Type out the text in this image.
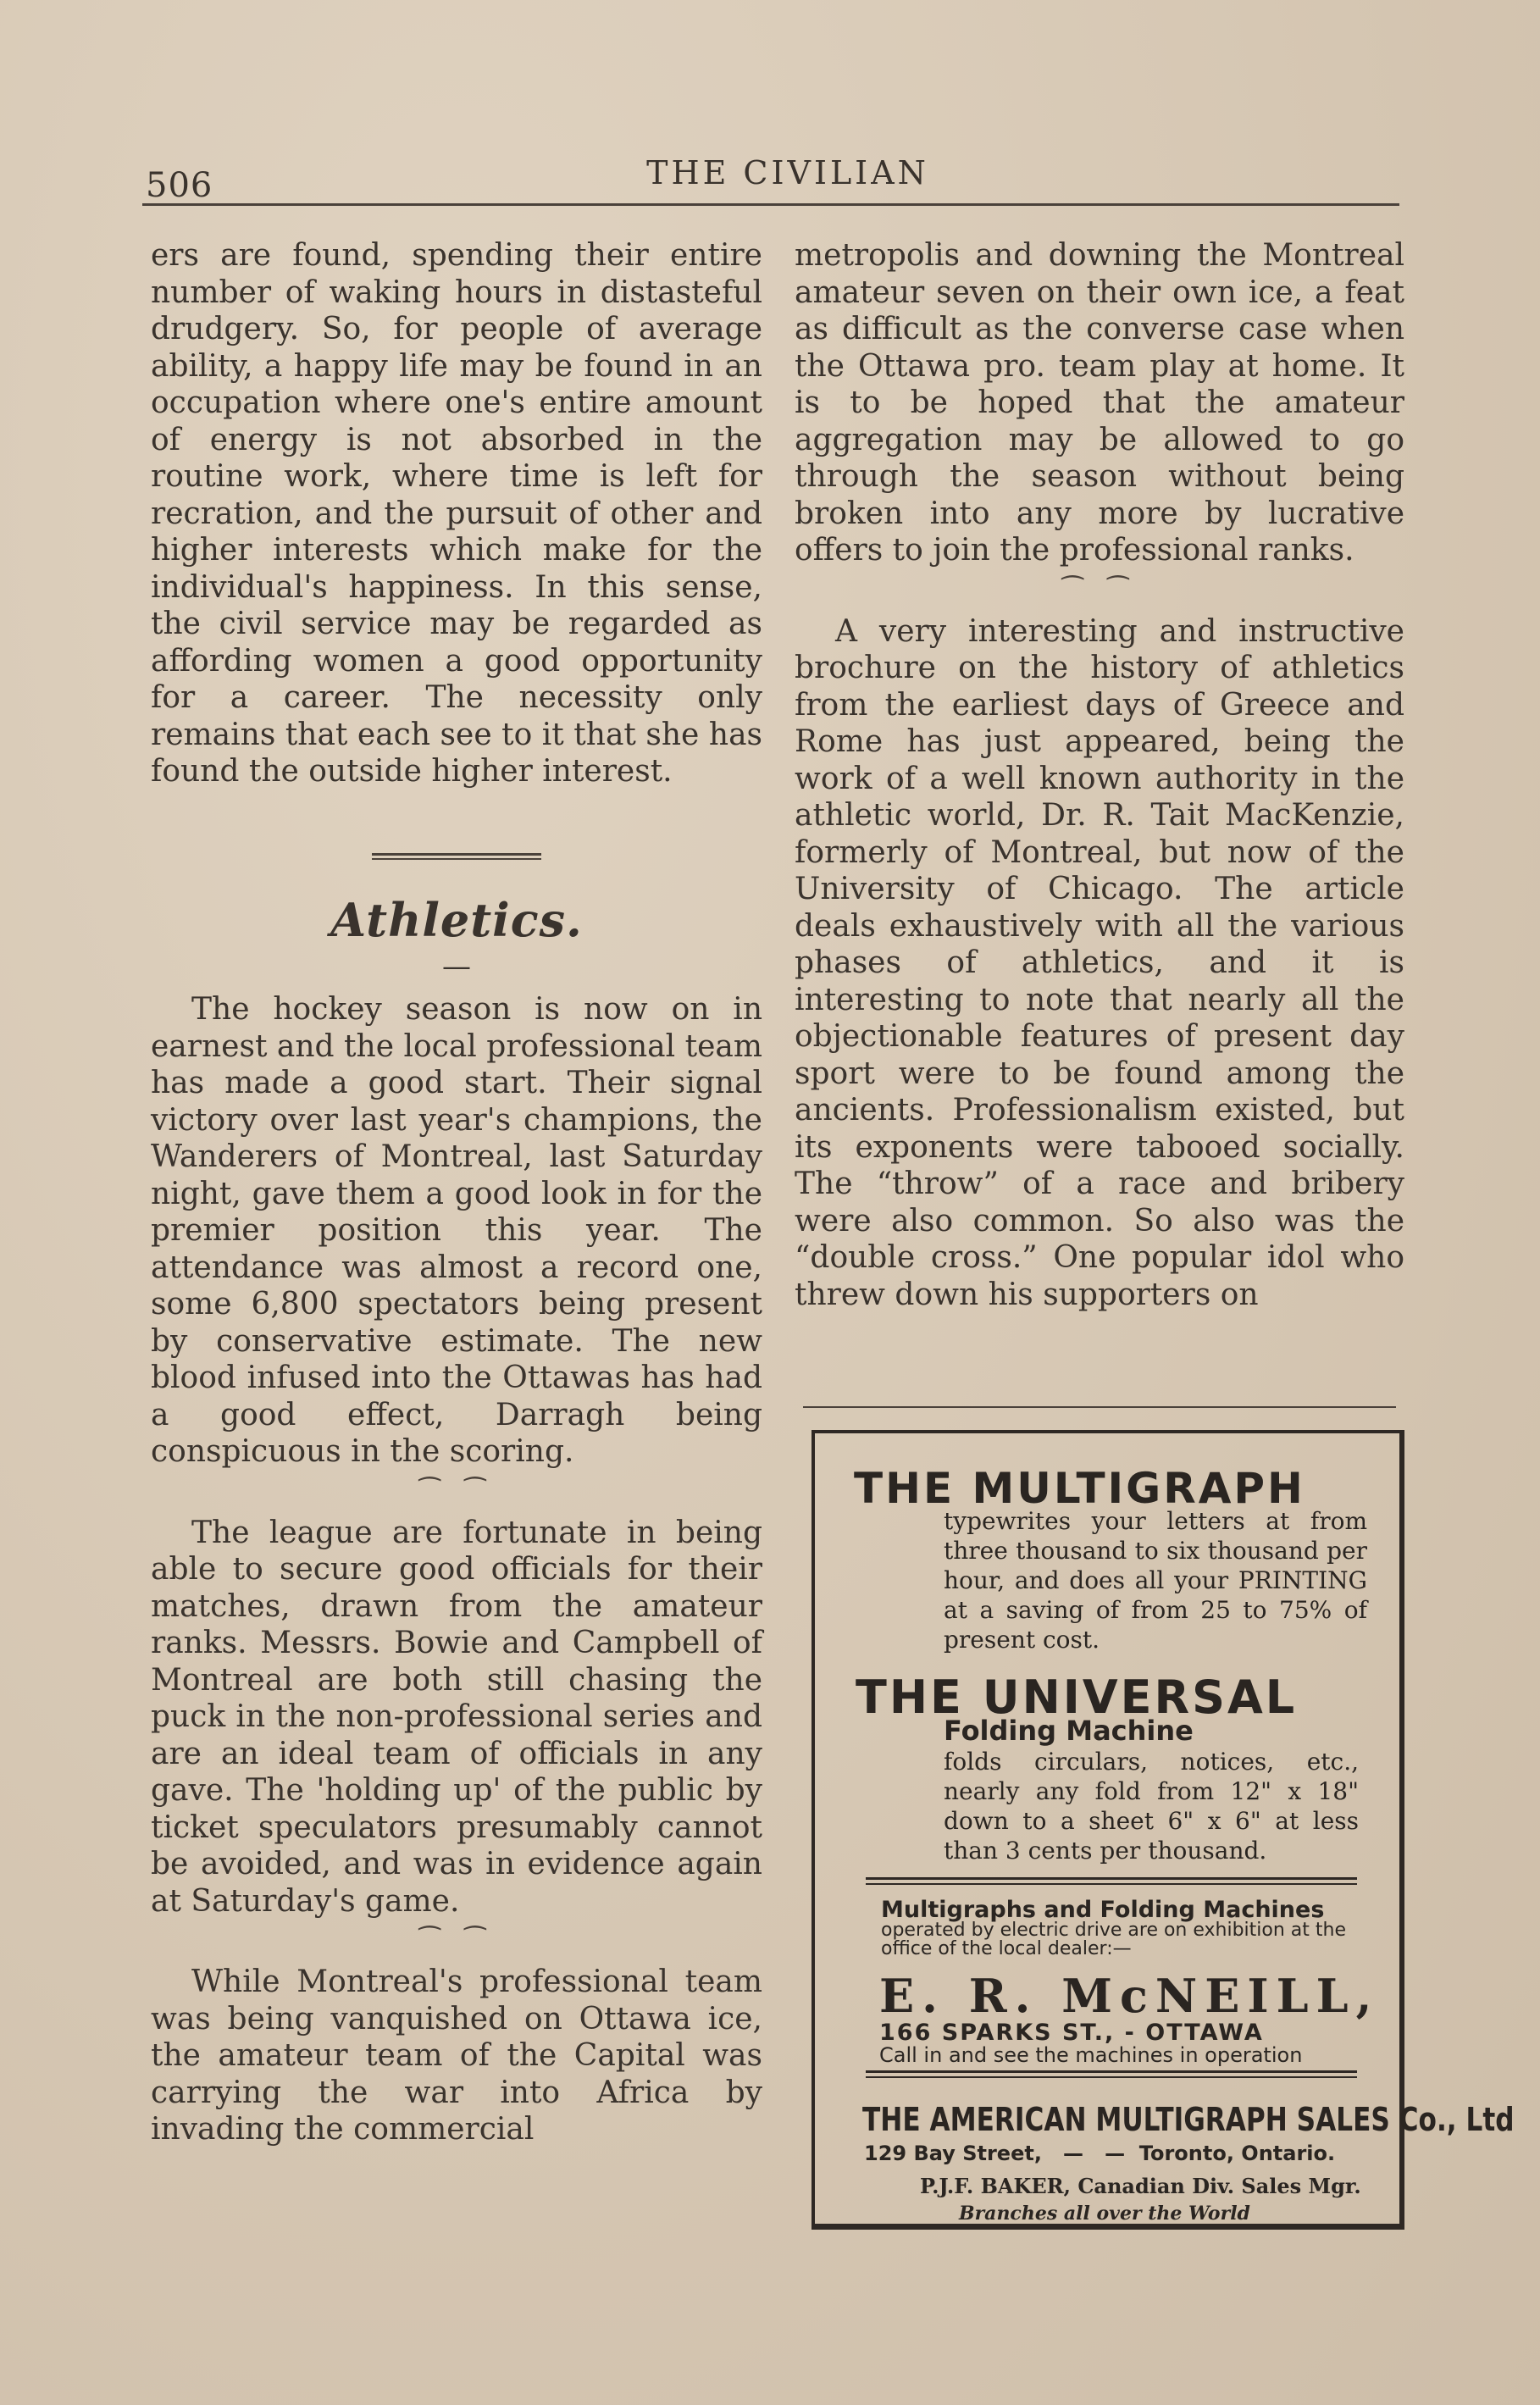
506	THE CIVILIAN

ers are found, spending their entire number of waking hours in distasteful drudgery. So, for people of average ability, a happy life may be found in an occupation where one's entire amount of energy is not absorbed in the routine work, where time is left for recration, and the pursuit of other and higher interests which make for the individual's happiness. In this sense, the civil service may be regarded as affording women a good opportunity for a career. The necessity only remains that each see to it that she has found the outside higher interest.

Athletics.
—

The hockey season is now on in earnest and the local professional team has made a good start. Their signal victory over last year's champions, the Wanderers of Montreal, last Saturday night, gave them a good look in for the premier position this year. The attendance was almost a record one, some 6,800 spectators being present by conservative estimate. The new blood infused into the Ottawas has had a good effect, Darragh being conspicuous in the scoring.

⁀ ⁀

The league are fortunate in being able to secure good officials for their matches, drawn from the amateur ranks. Messrs. Bowie and Campbell of Montreal are both still chasing the puck in the non-professional series and are an ideal team of officials in any gave. The 'holding up' of the public by ticket speculators presumably cannot be avoided, and was in evidence again at Saturday's game.

⁀ ⁀

While Montreal's professional team was being vanquished on Ottawa ice, the amateur team of the Capital was carrying the war into Africa by invading the commercial

metropolis and downing the Montreal amateur seven on their own ice, a feat as difficult as the converse case when the Ottawa pro. team play at home. It is to be hoped that the amateur aggregation may be allowed to go through the season without being broken into any more by lucrative offers to join the professional ranks.

⁀ ⁀

A very interesting and instructive brochure on the history of athletics from the earliest days of Greece and Rome has just appeared, being the work of a well known authority in the athletic world, Dr. R. Tait MacKenzie, formerly of Montreal, but now of the University of Chicago. The article deals exhaustively with all the various phases of athletics, and it is interesting to note that nearly all the objectionable features of present day sport were to be found among the ancients. Professionalism existed, but its exponents were tabooed socially. The “throw” of a race and bribery were also common. So also was the “double cross.” One popular idol who threw down his supporters on

THE MULTIGRAPH
typewrites your letters at from three thousand to six thousand per hour, and does all your PRINTING at a saving of from 25 to 75% of present cost.
THE UNIVERSAL
Folding Machine
folds circulars, notices, etc., nearly any fold from 12" x 18" down to a sheet 6" x 6" at less than 3 cents per thousand.
Multigraphs and Folding Machines operated by electric drive are on exhibition at the office of the local dealer:—
E. R. McNEILL,
166 SPARKS ST., - OTTAWA
Call in and see the machines in operation
THE AMERICAN MULTIGRAPH SALES Co., Ltd
129 Bay Street,   —   —  Toronto, Ontario.
P.J.F. BAKER, Canadian Div. Sales Mgr.
Branches all over the World
